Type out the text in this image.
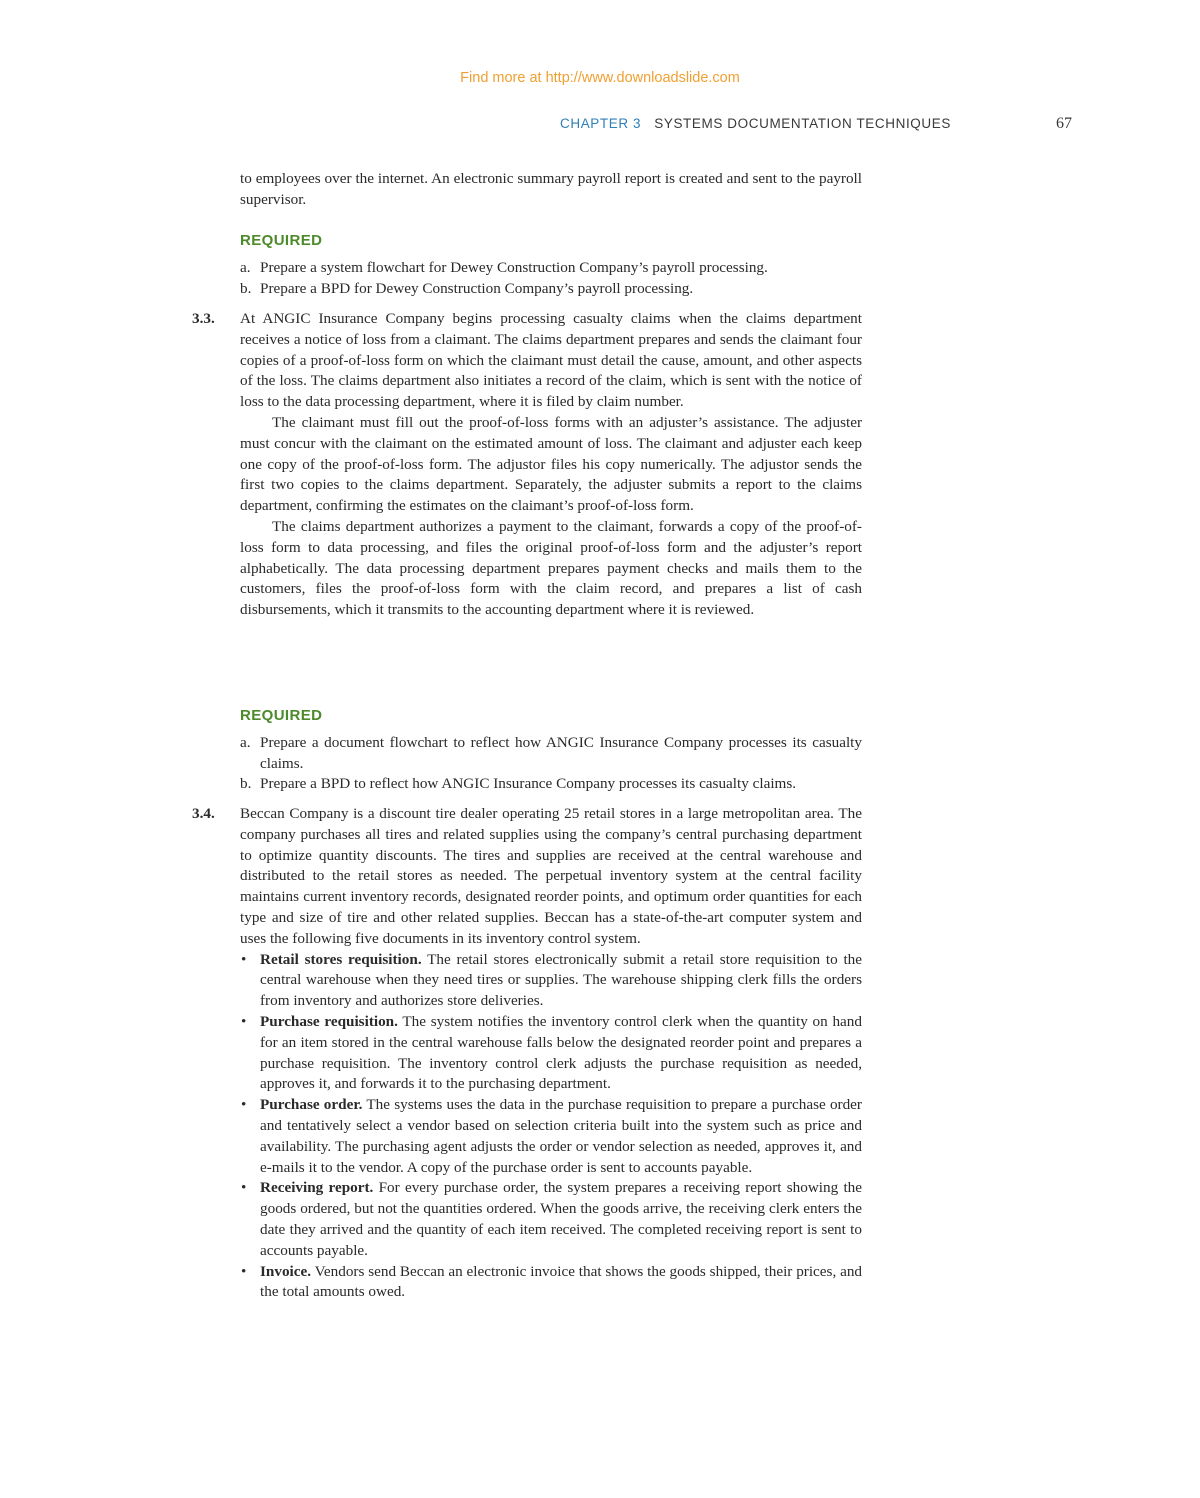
Find more at http://www.downloadslide.com
CHAPTER 3 SYSTEMS DOCUMENTATION TECHNIQUES	67

to employees over the internet. An electronic summary payroll report is created and sent to the payroll supervisor.

REQUIRED
a. Prepare a system flowchart for Dewey Construction Company’s payroll processing.
b. Prepare a BPD for Dewey Construction Company’s payroll processing.
3.3. At ANGIC Insurance Company begins processing casualty claims when the claims department receives a notice of loss from a claimant. The claims department prepares and sends the claimant four copies of a proof-of-loss form on which the claimant must detail the cause, amount, and other aspects of the loss. The claims department also initiates a record of the claim, which is sent with the notice of loss to the data processing department, where it is filed by claim number.

The claimant must fill out the proof-of-loss forms with an adjuster’s assistance. The adjuster must concur with the claimant on the estimated amount of loss. The claimant and adjuster each keep one copy of the proof-of-loss form. The adjustor files his copy numerically. The adjustor sends the first two copies to the claims department. Separately, the adjuster submits a report to the claims department, confirming the estimates on the claimant’s proof-of-loss form.

The claims department authorizes a payment to the claimant, forwards a copy of the proof-of-loss form to data processing, and files the original proof-of-loss form and the adjuster’s report alphabetically. The data processing department prepares payment checks and mails them to the customers, files the proof-of-loss form with the claim record, and prepares a list of cash disbursements, which it transmits to the accounting department where it is reviewed.

REQUIRED
a. Prepare a document flowchart to reflect how ANGIC Insurance Company processes its casualty claims.
b. Prepare a BPD to reflect how ANGIC Insurance Company processes its casualty claims.
3.4. Beccan Company is a discount tire dealer operating 25 retail stores in a large metropolitan area. The company purchases all tires and related supplies using the company’s central purchasing department to optimize quantity discounts. The tires and supplies are received at the central warehouse and distributed to the retail stores as needed. The perpetual inventory system at the central facility maintains current inventory records, designated reorder points, and optimum order quantities for each type and size of tire and other related supplies. Beccan has a state-of-the-art computer system and uses the following five documents in its inventory control system.

• Retail stores requisition. The retail stores electronically submit a retail store requisition to the central warehouse when they need tires or supplies. The warehouse shipping clerk fills the orders from inventory and authorizes store deliveries.
• Purchase requisition. The system notifies the inventory control clerk when the quantity on hand for an item stored in the central warehouse falls below the designated reorder point and prepares a purchase requisition. The inventory control clerk adjusts the purchase requisition as needed, approves it, and forwards it to the purchasing department.
• Purchase order. The systems uses the data in the purchase requisition to prepare a purchase order and tentatively select a vendor based on selection criteria built into the system such as price and availability. The purchasing agent adjusts the order or vendor selection as needed, approves it, and e-mails it to the vendor. A copy of the purchase order is sent to accounts payable.
• Receiving report. For every purchase order, the system prepares a receiving report showing the goods ordered, but not the quantities ordered. When the goods arrive, the receiving clerk enters the date they arrived and the quantity of each item received. The completed receiving report is sent to accounts payable.
• Invoice. Vendors send Beccan an electronic invoice that shows the goods shipped, their prices, and the total amounts owed.
